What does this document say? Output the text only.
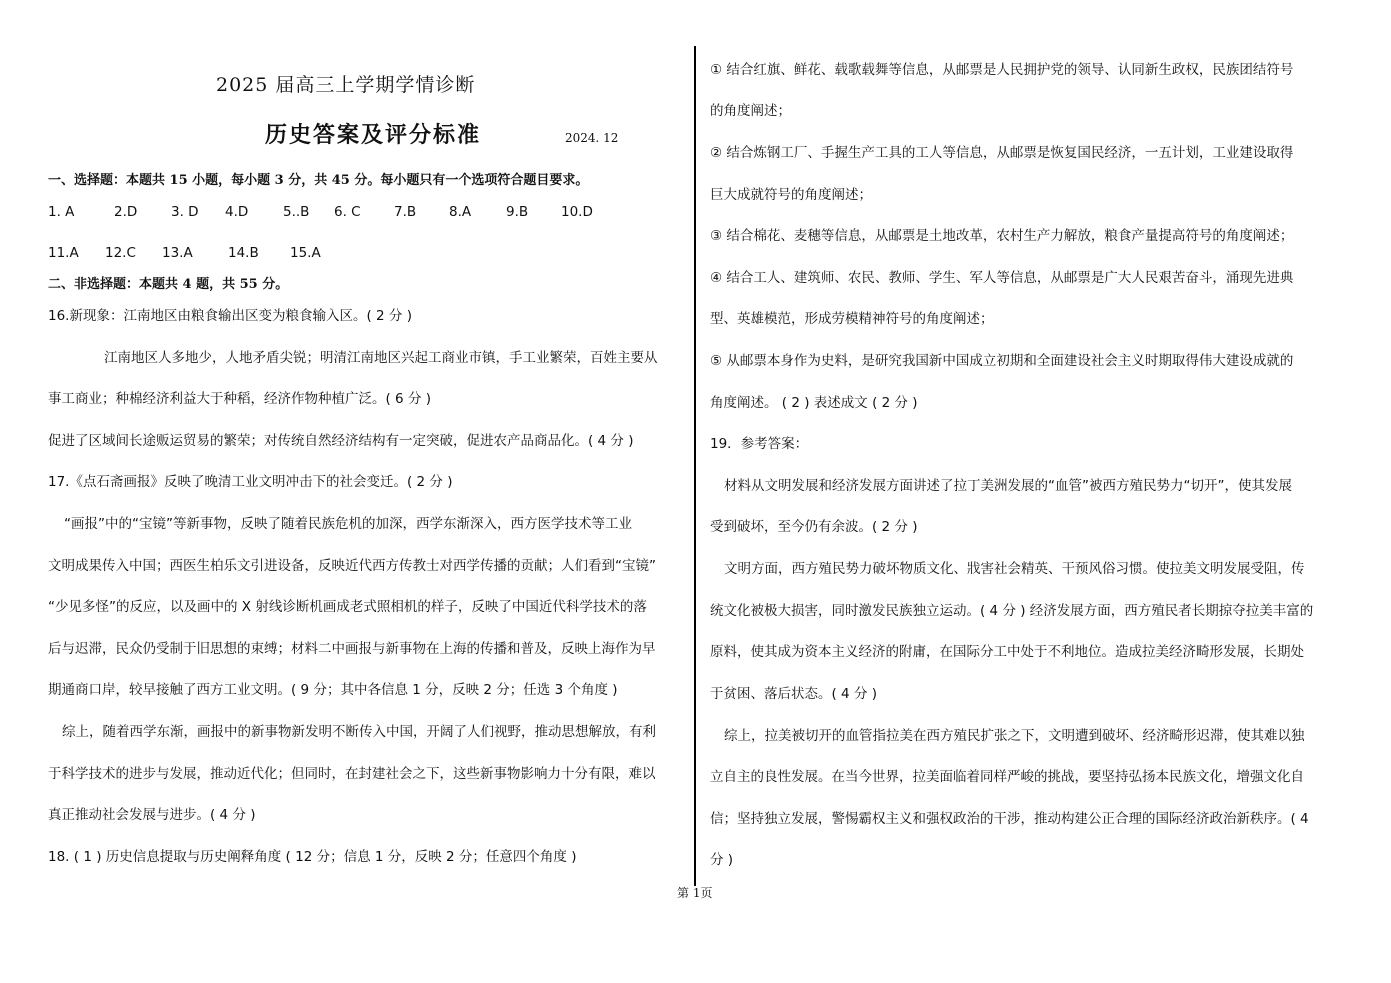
2025 届高三上学期学情诊断
历史答案及评分标准	2024. 12
一、选择题：本题共 15 小题，每小题 3 分，共 45 分。每小题只有一个选项符合题目要求。
1. A	2.D 3. D 4.D	5..B 6. C 7.B 8.A	9.B 10.D
11.A 12.C 13.A	14.B 15.A
二、非选择题：本题共 4 题，共 55 分。
16.新现象：江南地区由粮食输出区变为粮食输入区。( 2 分 )
江南地区人多地少，人地矛盾尖锐；明清江南地区兴起工商业市镇，手工业繁荣，百姓主要从
事工商业；种棉经济利益大于种稻，经济作物种植广泛。( 6 分 )
促进了区域间长途贩运贸易的繁荣；对传统自然经济结构有一定突破，促进农产品商品化。( 4 分 )
17.《点石斋画报》反映了晚清工业文明冲击下的社会变迁。( 2 分 )
“画报”中的“宝镜”等新事物，反映了随着民族危机的加深，西学东渐深入，西方医学技术等工业
文明成果传入中国；西医生柏乐文引进设备，反映近代西方传教士对西学传播的贡献；人们看到“宝镜”
“少见多怪”的反应，以及画中的 X 射线诊断机画成老式照相机的样子，反映了中国近代科学技术的落
后与迟滞，民众仍受制于旧思想的束缚；材料二中画报与新事物在上海的传播和普及，反映上海作为早
期通商口岸，较早接触了西方工业文明。( 9 分；其中各信息 1 分，反映 2 分；任选 3 个角度 )
综上，随着西学东渐，画报中的新事物新发明不断传入中国，开阔了人们视野，推动思想解放，有利
于科学技术的进步与发展，推动近代化；但同时，在封建社会之下，这些新事物影响力十分有限，难以
真正推动社会发展与进步。( 4 分 )
18. ( 1 ) 历史信息提取与历史阐释角度 ( 12 分；信息 1 分，反映 2 分；任意四个角度 )
① 结合红旗、鲜花、载歌载舞等信息，从邮票是人民拥护党的领导、认同新生政权，民族团结符号
的角度阐述；
② 结合炼钢工厂、手握生产工具的工人等信息，从邮票是恢复国民经济，一五计划，工业建设取得
巨大成就符号的角度阐述；
③ 结合棉花、麦穗等信息，从邮票是土地改革，农村生产力解放，粮食产量提高符号的角度阐述；
④ 结合工人、建筑师、农民、教师、学生、军人等信息，从邮票是广大人民艰苦奋斗，涌现先进典
型、英雄模范，形成劳模精神符号的角度阐述；
⑤ 从邮票本身作为史料，是研究我国新中国成立初期和全面建设社会主义时期取得伟大建设成就的
角度阐述。 ( 2 ) 表述成文 ( 2 分 )
19．参考答案：
材料从文明发展和经济发展方面讲述了拉丁美洲发展的“血管”被西方殖民势力“切开”，使其发展
受到破坏，至今仍有余波。( 2 分 )
文明方面，西方殖民势力破坏物质文化、戕害社会精英、干预风俗习惯。使拉美文明发展受阻，传
统文化被极大损害，同时激发民族独立运动。( 4 分 ) 经济发展方面，西方殖民者长期掠夺拉美丰富的
原料，使其成为资本主义经济的附庸，在国际分工中处于不利地位。造成拉美经济畸形发展，长期处
于贫困、落后状态。( 4 分 )
综上，拉美被切开的血管指拉美在西方殖民扩张之下，文明遭到破坏、经济畸形迟滞，使其难以独
立自主的良性发展。在当今世界，拉美面临着同样严峻的挑战，要坚持弘扬本民族文化，增强文化自
信；坚持独立发展，警惕霸权主义和强权政治的干涉，推动构建公正合理的国际经济政治新秩序。( 4
分 )
第 1页
